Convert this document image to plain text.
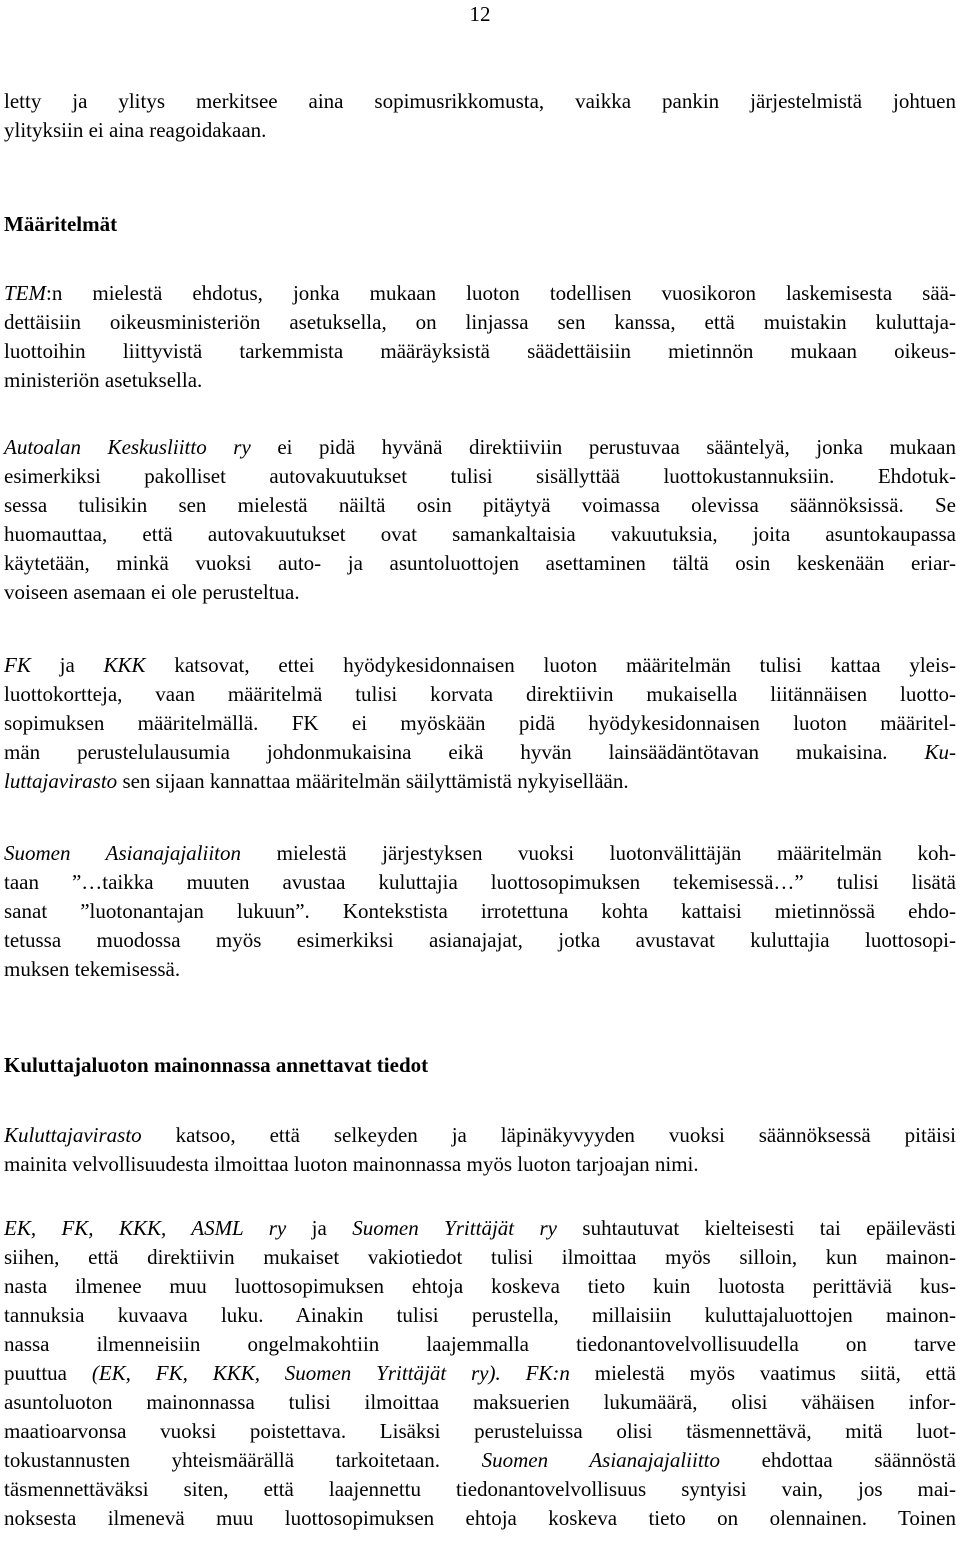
12

letty ja ylitys merkitsee aina sopimusrikkomusta, vaikka pankin järjestelmistä johtuen
ylityksiin ei aina reagoidakaan.

Määritelmät

TEM:n mielestä ehdotus, jonka mukaan luoton todellisen vuosikoron laskemisesta sää-
dettäisiin oikeusministeriön asetuksella, on linjassa sen kanssa, että muistakin kuluttaja-
luottoihin liittyvistä tarkemmista määräyksistä säädettäisiin mietinnön mukaan oikeus-
ministeriön asetuksella.

Autoalan Keskusliitto ry ei pidä hyvänä direktiiviin perustuvaa sääntelyä, jonka mukaan
esimerkiksi pakolliset autovakuutukset tulisi sisällyttää luottokustannuksiin. Ehdotuk-
sessa tulisikin sen mielestä näiltä osin pitäytyä voimassa olevissa säännöksissä. Se
huomauttaa, että autovakuutukset ovat samankaltaisia vakuutuksia, joita asuntokaupassa
käytetään, minkä vuoksi auto- ja asuntoluottojen asettaminen tältä osin keskenään eriar-
voiseen asemaan ei ole perusteltua.

FK ja KKK katsovat, ettei hyödykesidonnaisen luoton määritelmän tulisi kattaa yleis-
luottokortteja, vaan määritelmä tulisi korvata direktiivin mukaisella liitännäisen luotto-
sopimuksen määritelmällä. FK ei myöskään pidä hyödykesidonnaisen luoton määritel-
män perustelulausumia johdonmukaisina eikä hyvän lainsäädäntötavan mukaisina. Ku-
luttajavirasto sen sijaan kannattaa määritelmän säilyttämistä nykyisellään.

Suomen Asianajajaliiton mielestä järjestyksen vuoksi luotonvälittäjän määritelmän koh-
taan ”…taikka muuten avustaa kuluttajia luottosopimuksen tekemisessä…” tulisi lisätä
sanat ”luotonantajan lukuun”. Kontekstista irrotettuna kohta kattaisi mietinnössä ehdo-
tetussa muodossa myös esimerkiksi asianajajat, jotka avustavat kuluttajia luottosopi-
muksen tekemisessä.

Kuluttajaluoton mainonnassa annettavat tiedot

Kuluttajavirasto katsoo, että selkeyden ja läpinäkyvyyden vuoksi säännöksessä pitäisi
mainita velvollisuudesta ilmoittaa luoton mainonnassa myös luoton tarjoajan nimi.

EK, FK, KKK, ASML ry ja Suomen Yrittäjät ry suhtautuvat kielteisesti tai epäilevästi
siihen, että direktiivin mukaiset vakiotiedot tulisi ilmoittaa myös silloin, kun mainon-
nasta ilmenee muu luottosopimuksen ehtoja koskeva tieto kuin luotosta perittäviä kus-
tannuksia kuvaava luku. Ainakin tulisi perustella, millaisiin kuluttajaluottojen mainon-
nassa ilmenneisiin ongelmakohtiin laajemmalla tiedonantovelvollisuudella on tarve
puuttua (EK, FK, KKK, Suomen Yrittäjät ry). FK:n mielestä myös vaatimus siitä, että
asuntoluoton mainonnassa tulisi ilmoittaa maksuerien lukumäärä, olisi vähäisen infor-
maatioarvonsa vuoksi poistettava. Lisäksi perusteluissa olisi täsmennettävä, mitä luot-
tokustannusten yhteismäärällä tarkoitetaan. Suomen Asianajajaliitto ehdottaa säännöstä
täsmennettäväksi siten, että laajennettu tiedonantovelvollisuus syntyisi vain, jos mai-
noksesta ilmenevä muu luottosopimuksen ehtoja koskeva tieto on olennainen. Toinen
